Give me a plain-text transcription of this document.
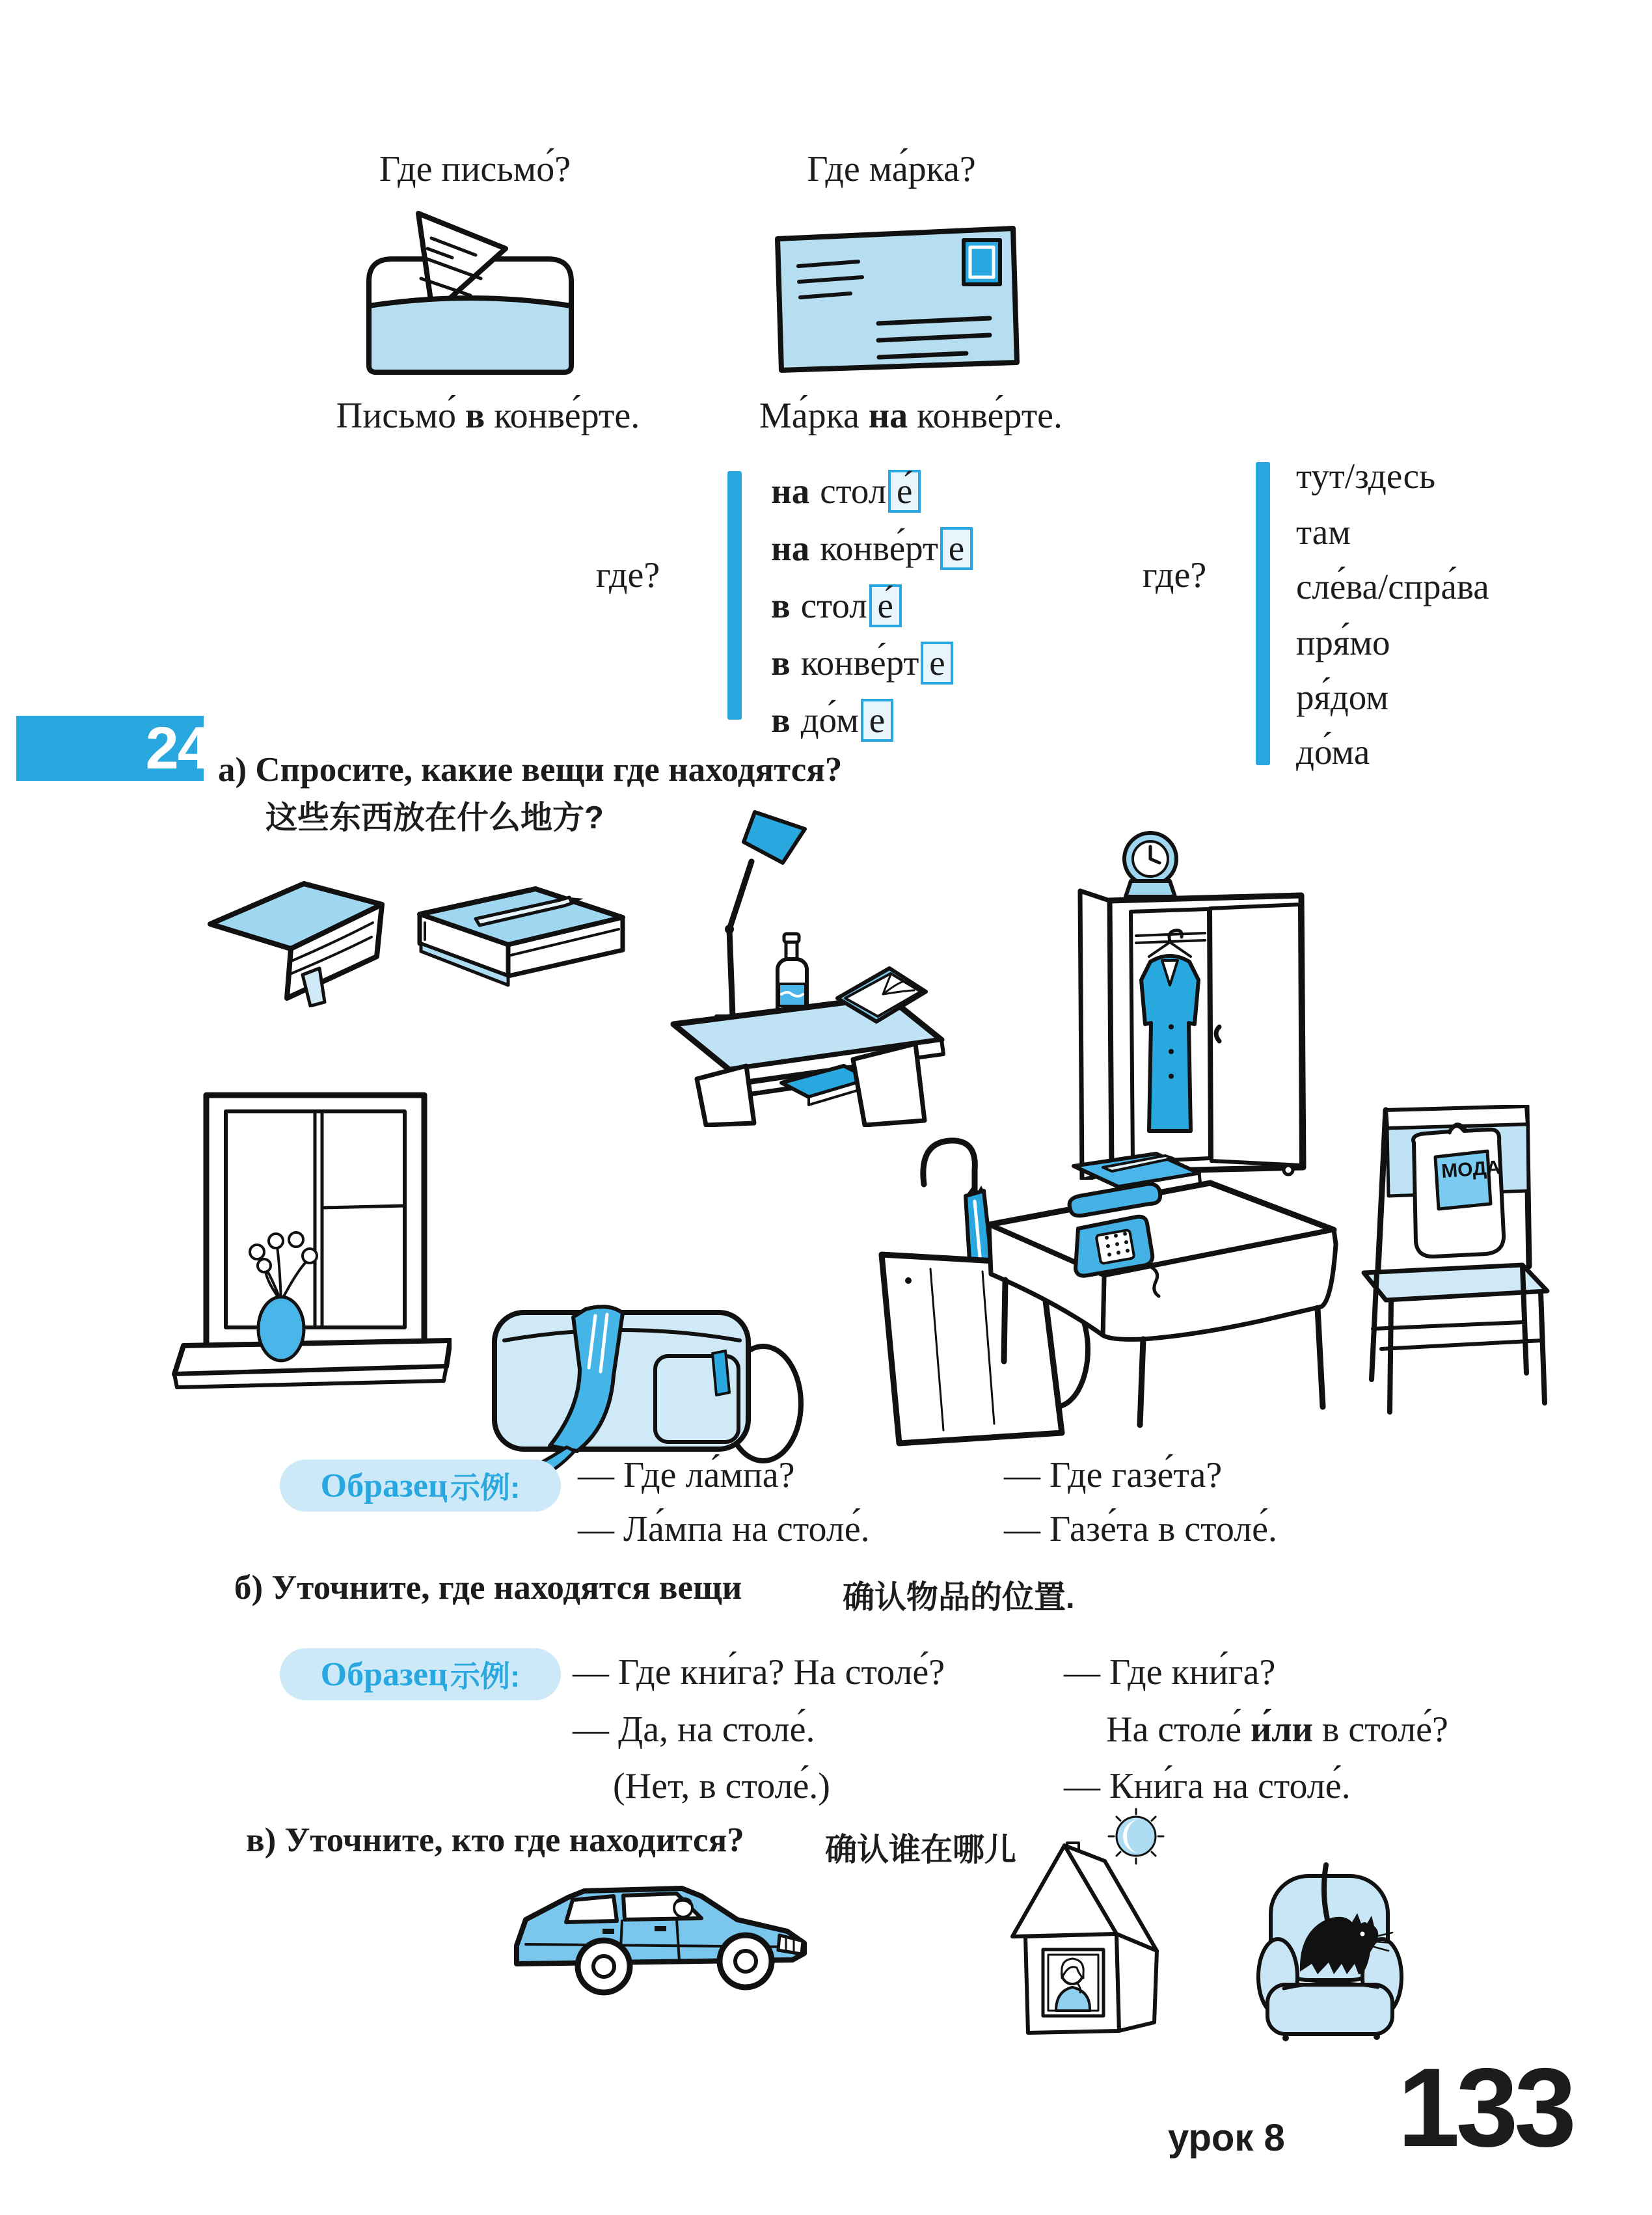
Где письмо́?	Где ма́рка?
Письмо́ в конве́рте.	Ма́рка на конве́рте.
где?
на стол е́
на конве́рт е
в стол е́
в конве́рт е
в до́м е
где?
тут/здесь
там
сле́ва/спра́ва
пря́мо
ря́дом
до́ма
24 а) Спросите, какие вещи где находятся?
这些东西放在什么地方?
МОДА
Образец 示例: — Где ла́мпа?	— Где газе́та?
— Ла́мпа на столе́.	— Газе́та в столе́.
б) Уточните, где находятся вещи	确认物品的位置.
Образец 示例: — Где кни́га? На столе́?	— Где кни́га?
— Да, на столе́.	На столе́ и́ли в столе́?
(Нет, в столе́.)	— Кни́га на столе́.
в) Уточните, кто где находится?	确认谁在哪儿
урок 8 133
